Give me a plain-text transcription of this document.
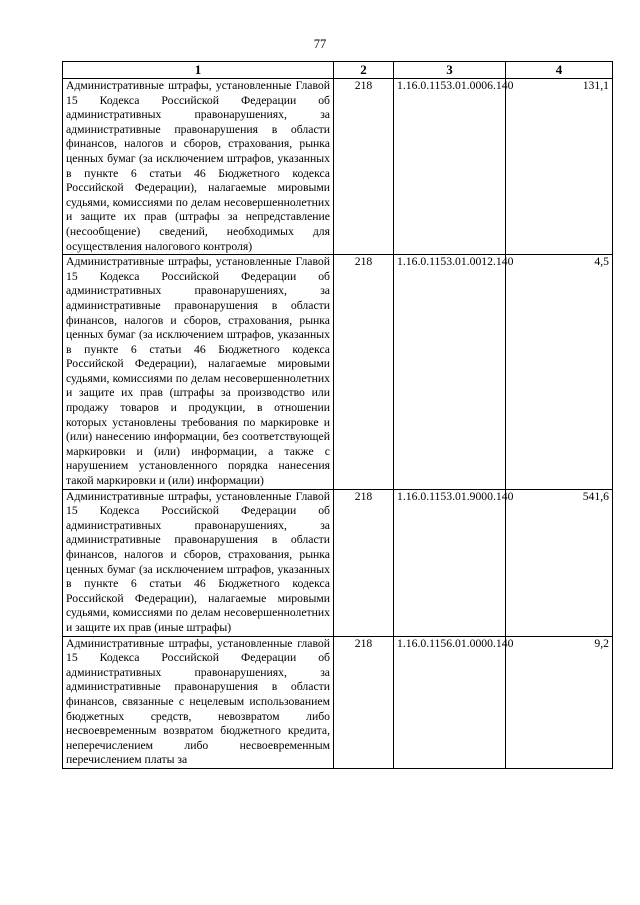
77
1	2	3	4
Административные штрафы, установленные Главой 15 Кодекса Российской Федерации об административных правонарушениях, за административные правонарушения в области финансов, налогов и сборов, страхования, рынка ценных бумаг (за исключением штрафов, указанных в пункте 6 статьи 46 Бюджетного кодекса Российской Федерации), налагаемые мировыми судьями, комиссиями по делам несовершеннолетних и защите их прав (штрафы за непредставление (несообщение) сведений, необходимых для осуществления налогового контроля)	218	1.16.0.1153.01.0006.140	131,1
Административные штрафы, установленные Главой 15 Кодекса Российской Федерации об административных правонарушениях, за административные правонарушения в области финансов, налогов и сборов, страхования, рынка ценных бумаг (за исключением штрафов, указанных в пункте 6 статьи 46 Бюджетного кодекса Российской Федерации), налагаемые мировыми судьями, комиссиями по делам несовершеннолетних и защите их прав (штрафы за производство или продажу товаров и продукции, в отношении которых установлены требования по маркировке и (или) нанесению информации, без соответствующей маркировки и (или) информации, а также с нарушением установленного порядка нанесения такой маркировки и (или) информации)	218	1.16.0.1153.01.0012.140	4,5
Административные штрафы, установленные Главой 15 Кодекса Российской Федерации об административных правонарушениях, за административные правонарушения в области финансов, налогов и сборов, страхования, рынка ценных бумаг (за исключением штрафов, указанных в пункте 6 статьи 46 Бюджетного кодекса Российской Федерации), налагаемые мировыми судьями, комиссиями по делам несовершеннолетних и защите их прав (иные штрафы)	218	1.16.0.1153.01.9000.140	541,6
Административные штрафы, установленные главой 15 Кодекса Российской Федерации об административных правонарушениях, за административные правонарушения в области финансов, связанные с нецелевым использованием бюджетных средств, невозвратом либо несвоевременным возвратом бюджетного кредита, неперечислением либо несвоевременным перечислением платы за	218	1.16.0.1156.01.0000.140	9,2
